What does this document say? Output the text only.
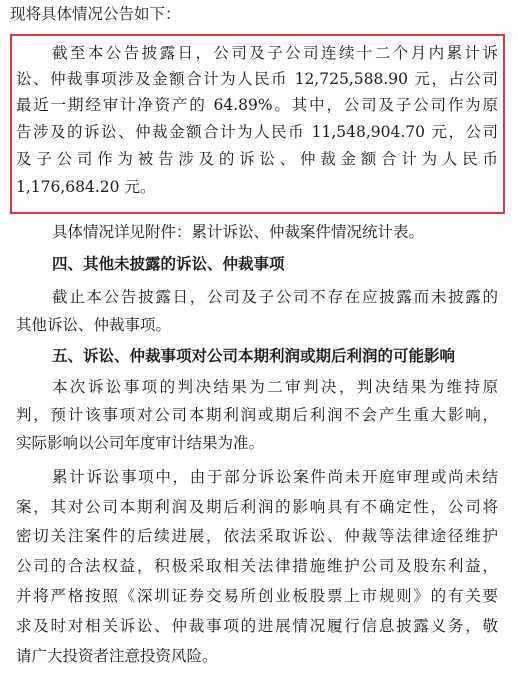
现将具体情况公告如下：
截至本公告披露日，公司及子公司连续十二个月内累计诉
讼、仲裁事项涉及金额合计为人民币 12,725,588.90 元，占公司
最近一期经审计净资产的 64.89%。其中，公司及子公司作为原
告涉及的诉讼、仲裁金额合计为人民币 11,548,904.70 元，公司
及子公司作为被告涉及的诉讼、仲裁金额合计为人民币
1,176,684.20 元。
具体情况详见附件：累计诉讼、仲裁案件情况统计表。
四、其他未披露的诉讼、仲裁事项
截止本公告披露日，公司及子公司不存在应披露而未披露的
其他诉讼、仲裁事项。
五、诉讼、仲裁事项对公司本期利润或期后利润的可能影响
本次诉讼事项的判决结果为二审判决，判决结果为维持原
判，预计该事项对公司本期利润或期后利润不会产生重大影响，
实际影响以公司年度审计结果为准。
累计诉讼事项中，由于部分诉讼案件尚未开庭审理或尚未结
案，其对公司本期利润及期后利润的影响具有不确定性，公司将
密切关注案件的后续进展，依法采取诉讼、仲裁等法律途径维护
公司的合法权益，积极采取相关法律措施维护公司及股东利益，
并将严格按照《深圳证券交易所创业板股票上市规则》的有关要
求及时对相关诉讼、仲裁事项的进展情况履行信息披露义务，敬
请广大投资者注意投资风险。
